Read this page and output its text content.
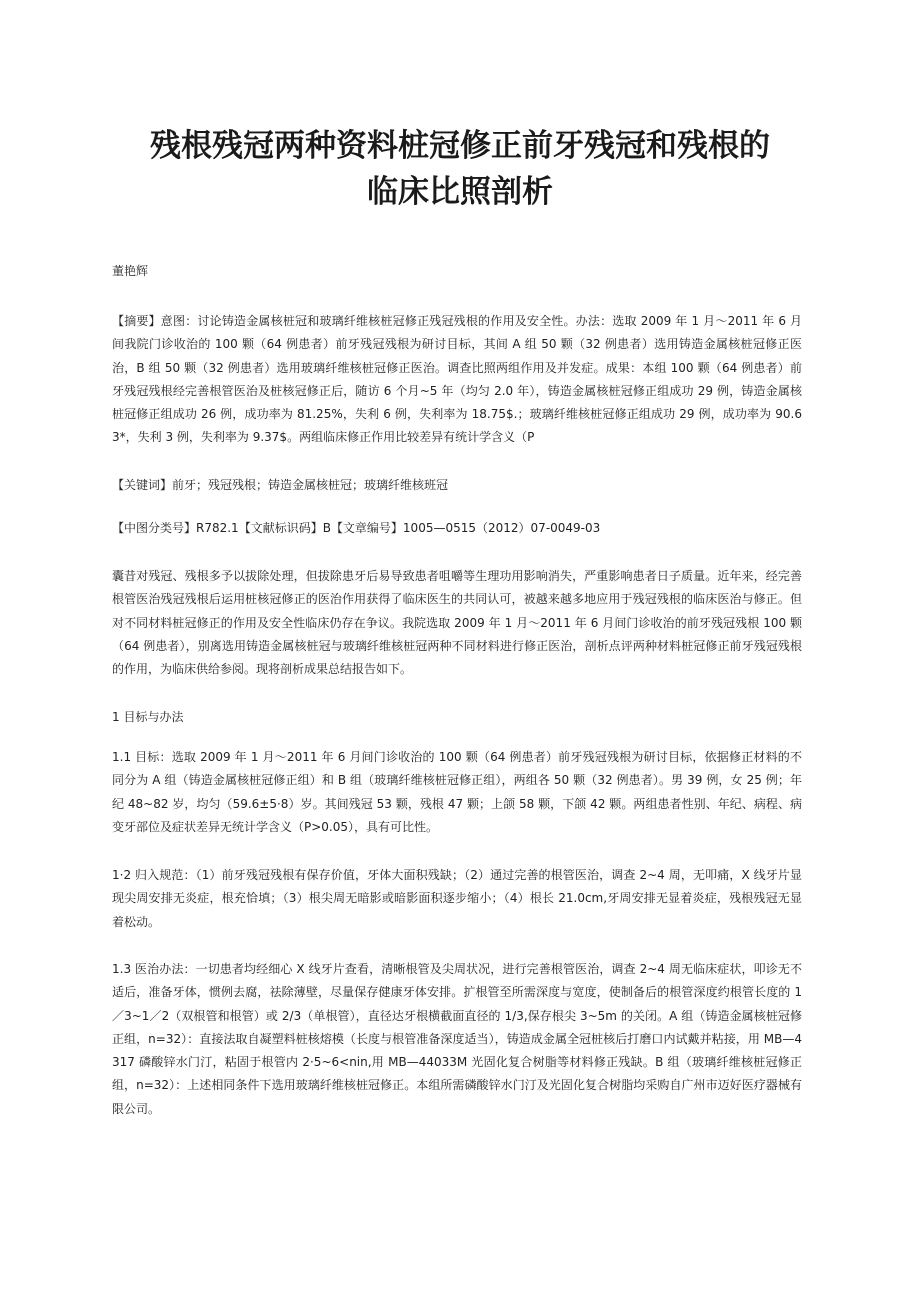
残根残冠两种资料桩冠修正前牙残冠和残根的
临床比照剖析

董艳辉

【摘要】意图：讨论铸造金属核桩冠和玻璃纤维核桩冠修正残冠残根的作用及安全性。办法：选取 2009 年 1 月～2011 年 6 月间我院门诊收治的 100 颗（64 例患者）前牙残冠残根为研讨目标，其间 A 组 50 颗（32 例患者）选用铸造金属核桩冠修正医治，B 组 50 颗（32 例患者）选用玻璃纤维核桩冠修正医治。调查比照两组作用及并发症。成果：本组 100 颗（64 例患者）前牙残冠残根经完善根管医治及桩核冠修正后，随访 6 个月~5 年（均匀 2.0 年），铸造金属核桩冠修正组成功 29 例，铸造金属核桩冠修正组成功 26 例，成功率为 81.25%，失利 6 例，失利率为 18.75$.；玻璃纤维核桩冠修正组成功 29 例，成功率为 90.63*，失利 3 例，失利率为 9.37$。两组临床修正作用比较差异有统计学含义（P

【关键词】前牙；残冠残根；铸造金属核桩冠；玻璃纤维核班冠

【中图分类号】R782.1【文献标识码】B【文章编号】1005—0515（2012）07-0049-03

囊昔对残冠、残根多予以拔除处理，但拔除患牙后易导致患者咀嚼等生理功用影响消失，严重影响患者日子质量。近年来，经完善根管医治残冠残根后运用桩核冠修正的医治作用获得了临床医生的共同认可，被越来越多地应用于残冠残根的临床医治与修正。但对不同材料桩冠修正的作用及安全性临床仍存在争议。我院选取 2009 年 1 月～2011 年 6 月间门诊收治的前牙残冠残根 100 颗（64 例患者），别离选用铸造金属核桩冠与玻璃纤维核桩冠两种不同材料进行修正医治，剖析点评两种材料桩冠修正前牙残冠残根的作用，为临床供给参阅。现将剖析成果总结报告如下。

1 目标与办法

1.1 目标：选取 2009 年 1 月～2011 年 6 月间门诊收治的 100 颗（64 例患者）前牙残冠残根为研讨目标，依据修正材料的不同分为 A 组（铸造金属核桩冠修正组）和 B 组（玻璃纤维核桩冠修正组），两组各 50 颗（32 例患者）。男 39 例，女 25 例；年纪 48~82 岁，均匀（59.6±5·8）岁。其间残冠 53 颗，残根 47 颗；上颌 58 颗，下颌 42 颗。两组患者性别、年纪、病程、病变牙部位及症状差异无统计学含义（P>0.05），具有可比性。

1·2 归入规范：（1）前牙残冠残根有保存价值，牙体大面积残缺；（2）通过完善的根管医治，调查 2~4 周，无叩痛，X 线牙片显现尖周安排无炎症，根充恰填；（3）根尖周无暗影或暗影面积逐步缩小；（4）根长 21.0cm,牙周安排无显着炎症，残根残冠无显着松动。

1.3 医治办法：一切患者均经细心 X 线牙片查看，清晰根管及尖周状况，进行完善根管医治，调查 2~4 周无临床症状，叩诊无不适后，准备牙体，惯例去腐，祛除薄壁，尽量保存健康牙体安排。扩根管至所需深度与宽度，使制备后的根管深度约根管长度的 1／3~1／2（双根管和根管）或 2/3（单根管），直径达牙根横截面直径的 1/3,保存根尖 3~5m 的关闭。A 组（铸造金属核桩冠修正组，n=32）：直接法取自凝塑料桩核熔模（长度与根管准备深度适当），铸造成金属全冠桩核后打磨口内试戴并粘接，用 MB—4317 磷酸锌水门汀，粘固于根管内 2·5~6<nin,用 MB—44033M 光固化复合树脂等材料修正残缺。B 组（玻璃纤维核桩冠修正组，n=32）：上述相同条件下选用玻璃纤维核桩冠修正。本组所需磷酸锌水门汀及光固化复合树脂均采购自广州市迈好医疗器械有限公司。
